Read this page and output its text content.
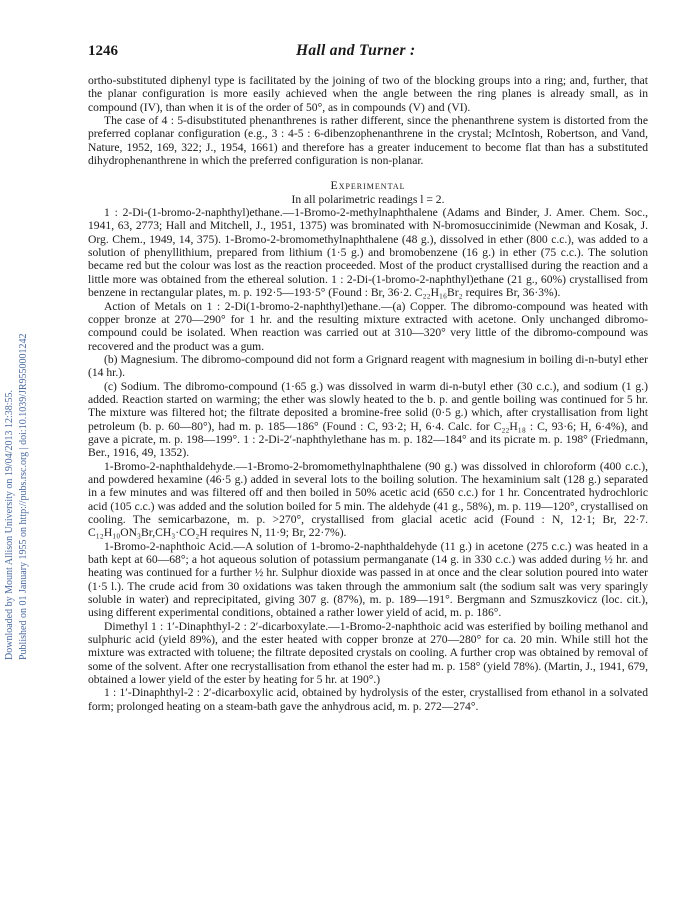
Downloaded by Mount Allison University on 19/04/2013 12:38:55. Published on 01 January 1955 on http://pubs.rsc.org | doi:10.1039/JR9550001242
1246	Hall and Turner :

ortho-substituted diphenyl type is facilitated by the joining of two of the blocking groups into a ring; and, further, that the planar configuration is more easily achieved when the angle between the ring planes is already small, as in compound (IV), than when it is of the order of 50°, as in compounds (V) and (VI).

The case of 4 : 5-disubstituted phenanthrenes is rather different, since the phenanthrene system is distorted from the preferred coplanar configuration (e.g., 3 : 4-5 : 6-dibenzophenanthrene in the crystal; McIntosh, Robertson, and Vand, Nature, 1952, 169, 322; J., 1954, 1661) and therefore has a greater inducement to become flat than has a substituted dihydrophenanthrene in which the preferred configuration is non-planar.

Experimental

In all polarimetric readings l = 2.

1 : 2-Di-(1-bromo-2-naphthyl)ethane.—1-Bromo-2-methylnaphthalene (Adams and Binder, J. Amer. Chem. Soc., 1941, 63, 2773; Hall and Mitchell, J., 1951, 1375) was brominated with N-bromosuccinimide (Newman and Kosak, J. Org. Chem., 1949, 14, 375). 1-Bromo-2-bromomethylnaphthalene (48 g.), dissolved in ether (800 c.c.), was added to a solution of phenyllithium, prepared from lithium (1·5 g.) and bromobenzene (16 g.) in ether (75 c.c.). The solution became red but the colour was lost as the reaction proceeded. Most of the product crystallised during the reaction and a little more was obtained from the ethereal solution. 1 : 2-Di-(1-bromo-2-naphthyl)ethane (21 g., 60%) crystallised from benzene in rectangular plates, m. p. 192·5—193·5° (Found : Br, 36·2. C₂₂H₁₆Br₂ requires Br, 36·3%).

Action of Metals on 1 : 2-Di(1-bromo-2-naphthyl)ethane.—(a) Copper. The dibromo-compound was heated with copper bronze at 270—290° for 1 hr. and the resulting mixture extracted with acetone. Only unchanged dibromo-compound could be isolated. When reaction was carried out at 310—320° very little of the dibromo-compound was recovered and the product was a gum.

(b) Magnesium. The dibromo-compound did not form a Grignard reagent with magnesium in boiling di-n-butyl ether (14 hr.).

(c) Sodium. The dibromo-compound (1·65 g.) was dissolved in warm di-n-butyl ether (30 c.c.), and sodium (1 g.) added. Reaction started on warming; the ether was slowly heated to the b. p. and gentle boiling was continued for 5 hr. The mixture was filtered hot; the filtrate deposited a bromine-free solid (0·5 g.) which, after crystallisation from light petroleum (b. p. 60—80°), had m. p. 185—186° (Found : C, 93·2; H, 6·4. Calc. for C₂₂H₁₈ : C, 93·6; H, 6·4%), and gave a picrate, m. p. 198—199°. 1 : 2-Di-2′-naphthylethane has m. p. 182—184° and its picrate m. p. 198° (Friedmann, Ber., 1916, 49, 1352).

1-Bromo-2-naphthaldehyde.—1-Bromo-2-bromomethylnaphthalene (90 g.) was dissolved in chloroform (400 c.c.), and powdered hexamine (46·5 g.) added in several lots to the boiling solution. The hexaminium salt (128 g.) separated in a few minutes and was filtered off and then boiled in 50% acetic acid (650 c.c.) for 1 hr. Concentrated hydrochloric acid (105 c.c.) was added and the solution boiled for 5 min. The aldehyde (41 g., 58%), m. p. 119—120°, crystallised on cooling. The semicarbazone, m. p. >270°, crystallised from glacial acetic acid (Found : N, 12·1; Br, 22·7. C₁₂H₁₀ON₃Br,CH₃·CO₂H requires N, 11·9; Br, 22·7%).

1-Bromo-2-naphthoic Acid.—A solution of 1-bromo-2-naphthaldehyde (11 g.) in acetone (275 c.c.) was heated in a bath kept at 60—68°; a hot aqueous solution of potassium permanganate (14 g. in 330 c.c.) was added during ½ hr. and heating was continued for a further ½ hr. Sulphur dioxide was passed in at once and the clear solution poured into water (1·5 l.). The crude acid from 30 oxidations was taken through the ammonium salt (the sodium salt was very sparingly soluble in water) and reprecipitated, giving 307 g. (87%), m. p. 189—191°. Bergmann and Szmuszkovicz (loc. cit.), using different experimental conditions, obtained a rather lower yield of acid, m. p. 186°.

Dimethyl 1 : 1′-Dinaphthyl-2 : 2′-dicarboxylate.—1-Bromo-2-naphthoic acid was esterified by boiling methanol and sulphuric acid (yield 89%), and the ester heated with copper bronze at 270—280° for ca. 20 min. While still hot the mixture was extracted with toluene; the filtrate deposited crystals on cooling. A further crop was obtained by removal of some of the solvent. After one recrystallisation from ethanol the ester had m. p. 158° (yield 78%). (Martin, J., 1941, 679, obtained a lower yield of the ester by heating for 5 hr. at 190°.)

1 : 1′-Dinaphthyl-2 : 2′-dicarboxylic acid, obtained by hydrolysis of the ester, crystallised from ethanol in a solvated form; prolonged heating on a steam-bath gave the anhydrous acid, m. p. 272—274°.
